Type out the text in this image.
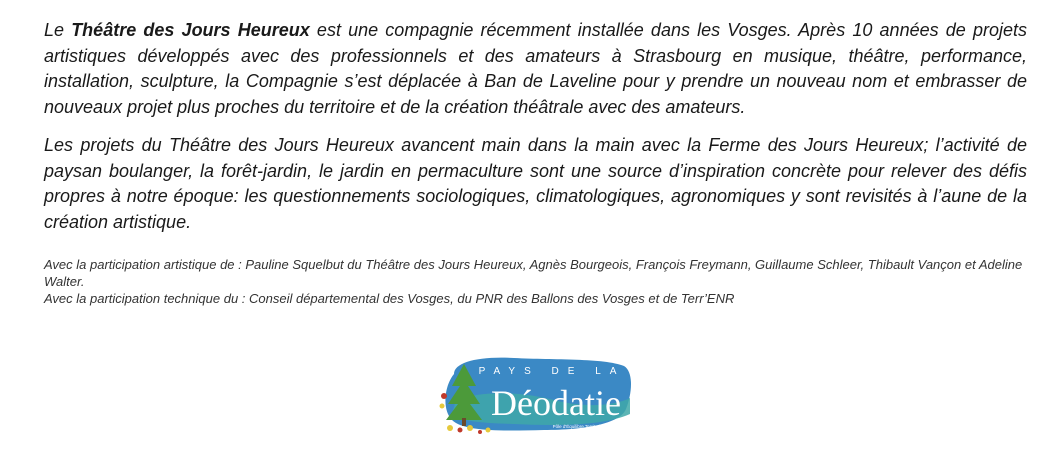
Le Théâtre des Jours Heureux est une compagnie récemment installée dans les Vosges. Après 10 années de projets artistiques développés avec des professionnels et des amateurs à Strasbourg en musique, théâtre, performance, installation, sculpture, la Compagnie s’est déplacée à Ban de Laveline pour y prendre un nouveau nom et embrasser de nouveaux projet plus proches du territoire et de la création théâtrale avec des amateurs.

Les projets du Théâtre des Jours Heureux avancent main dans la main avec la Ferme des Jours Heureux; l’activité de paysan boulanger, la forêt-jardin, le jardin en permaculture sont une source d’inspiration concrète pour relever des défis propres à notre époque: les questionnements sociologiques, climatologiques, agronomiques y sont revisités à l’aune de la création artistique.

Avec la participation artistique de : Pauline Squelbut du Théâtre des Jours Heureux, Agnès Bourgeois, François Freymann, Guillaume Schleer, Thibault Vançon et Adeline Walter.

Avec la participation technique du : Conseil départemental des Vosges, du PNR des Ballons des Vosges et de Terr’ENR

PAYS DE LA
Déodatie
Pôle d'Équilibre Territorial Rural
